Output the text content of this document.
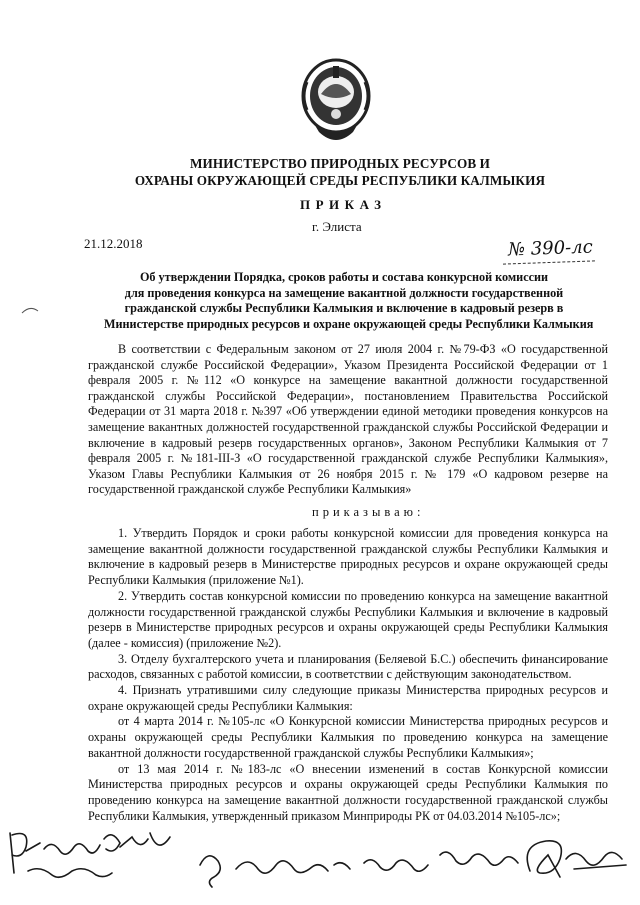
МИНИСТЕРСТВО ПРИРОДНЫХ РЕСУРСОВ И
ОХРАНЫ ОКРУЖАЮЩЕЙ СРЕДЫ РЕСПУБЛИКИ КАЛМЫКИЯ
ПРИКАЗ
г. Элиста
21.12.2018	№ 390-лс
Об утверждении Порядка, сроков работы и состава конкурсной комиссии
для проведения конкурса на замещение вакантной должности государственной
гражданской службы Республики Калмыкия и включение в кадровый резерв в
Министерстве природных ресурсов и охране окружающей среды Республики Калмыкия
В соответствии с Федеральным законом от 27 июля 2004 г. №79-ФЗ «О государственной гражданской службе Российской Федерации», Указом Президента Российской Федерации от 1 февраля 2005 г. №112 «О конкурсе на замещение вакантной должности государственной гражданской службы Российской Федерации», постановлением Правительства Российской Федерации от 31 марта 2018 г. №397 «Об утверждении единой методики проведения конкурсов на замещение вакантных должностей государственной гражданской службы Российской Федерации и включение в кадровый резерв государственных органов», Законом Республики Калмыкия от 7 февраля 2005 г. №181-III-З «О государственной гражданской службе Республики Калмыкия», Указом Главы Республики Калмыкия от 26 ноября 2015 г. № 179 «О кадровом резерве на государственной гражданской службе Республики Калмыкия»
приказываю:

1. Утвердить Порядок и сроки работы конкурсной комиссии для проведения конкурса на замещение вакантной должности государственной гражданской службы Республики Калмыкия и включение в кадровый резерв в Министерстве природных ресурсов и охране окружающей среды Республики Калмыкия (приложение №1).

2. Утвердить состав конкурсной комиссии по проведению конкурса на замещение вакантной должности государственной гражданской службы Республики Калмыкия и включение в кадровый резерв в Министерстве природных ресурсов и охраны окружающей среды Республики Калмыкия (далее - комиссия) (приложение №2).

3. Отделу бухгалтерского учета и планирования (Беляевой Б.С.) обеспечить финансирование расходов, связанных с работой комиссии, в соответствии с действующим законодательством.

4. Признать утратившими силу следующие приказы Министерства природных ресурсов и охране окружающей среды Республики Калмыкия:

от 4 марта 2014 г. №105-лс «О Конкурсной комиссии Министерства природных ресурсов и охраны окружающей среды Республики Калмыкия по проведению конкурса на замещение вакантной должности государственной гражданской службы Республики Калмыкия»;

от 13 мая 2014 г. №183-лс «О внесении изменений в состав Конкурсной комиссии Министерства природных ресурсов и охраны окружающей среды Республики Калмыкия по проведению конкурса на замещение вакантной должности государственной гражданской службы Республики Калмыкия, утвержденный приказом Минприроды РК от 04.03.2014 №105-лс»;
